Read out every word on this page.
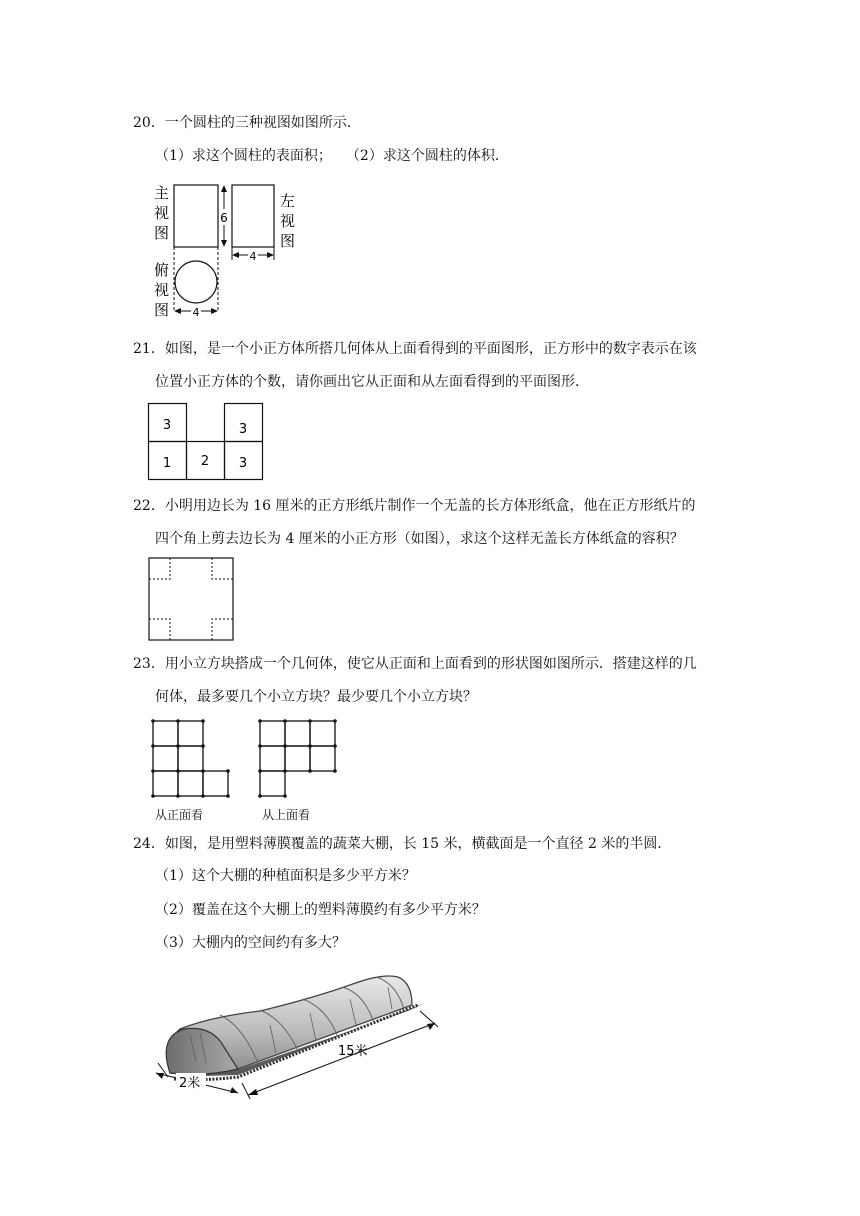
20．一个圆柱的三种视图如图所示．
（1）求这个圆柱的表面积；　　（2）求这个圆柱的体积．
主
视
图
左
视
图
俯
视
图
6
4
4
21．如图，是一个小正方体所搭几何体从上面看得到的平面图形，正方形中的数字表示在该
位置小正方体的个数，请你画出它从正面和从左面看得到的平面图形．
3	3
1 2 3
22．小明用边长为 16 厘米的正方形纸片制作一个无盖的长方体形纸盒，他在正方形纸片的
四个角上剪去边长为 4 厘米的小正方形（如图），求这个这样无盖长方体纸盒的容积？
23．用小立方块搭成一个几何体，使它从正面和上面看到的形状图如图所示．搭建这样的几
何体，最多要几个小立方块？最少要几个小立方块？
从正面看	从上面看
24．如图，是用塑料薄膜覆盖的蔬菜大棚，长 15 米，横截面是一个直径 2 米的半圆．
（1）这个大棚的种植面积是多少平方米？
（2）覆盖在这个大棚上的塑料薄膜约有多少平方米？
（3）大棚内的空间约有多大？
15米
2米
